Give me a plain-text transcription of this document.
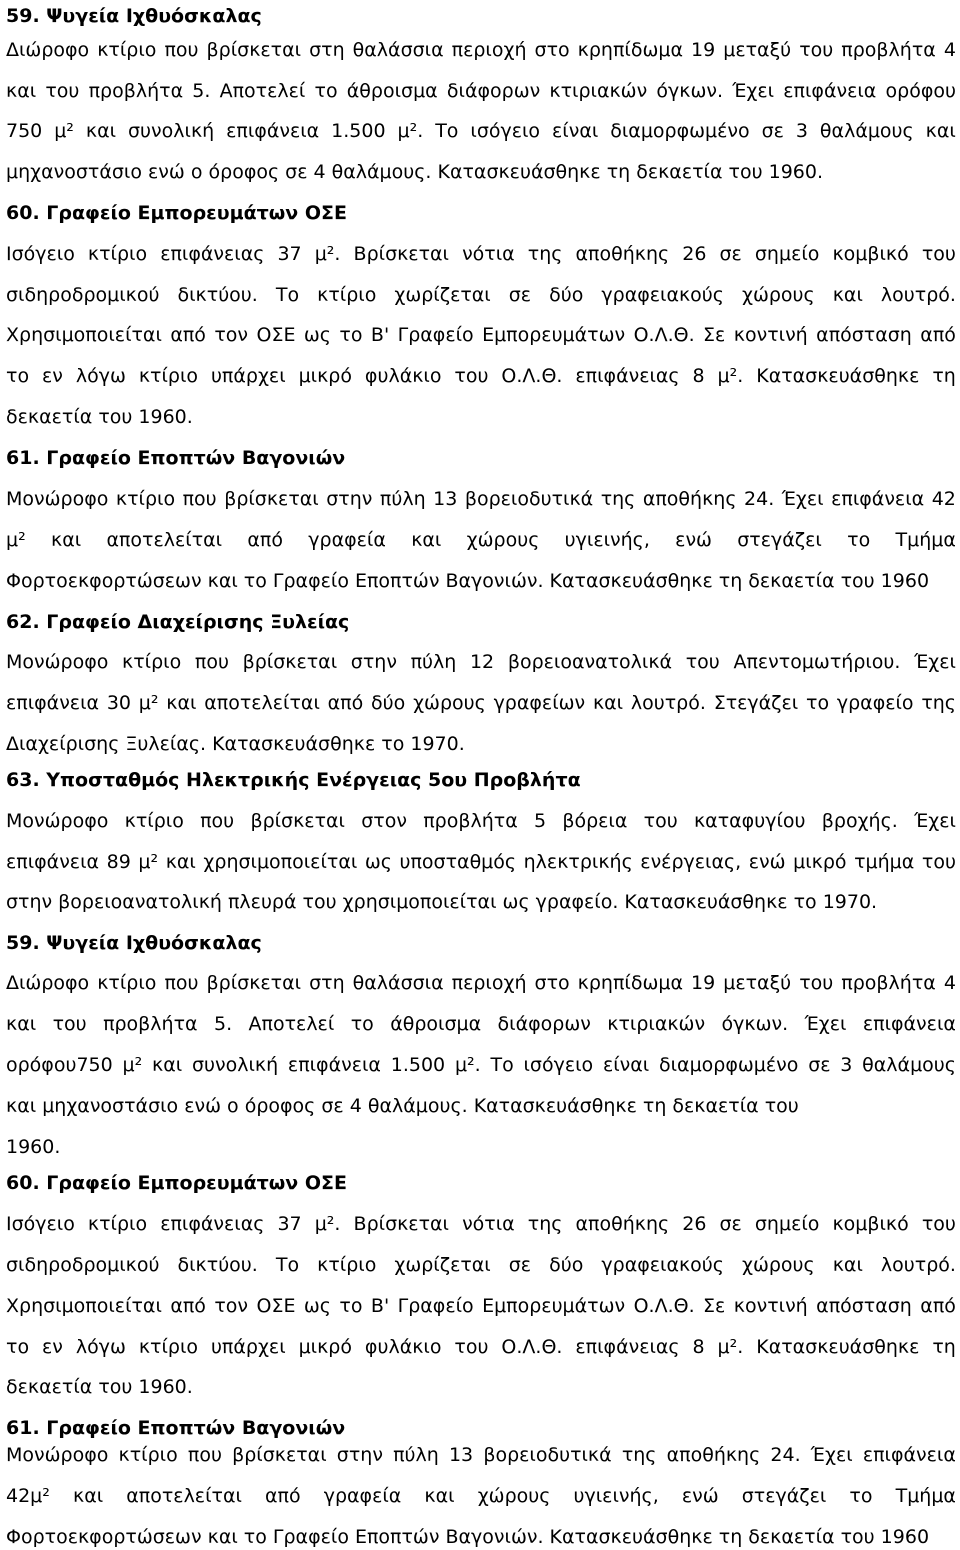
59. Ψυγεία Ιχθυόσκαλας
Διώροφο κτίριο που βρίσκεται στη θαλάσσια περιοχή στο κρηπίδωμα 19 μεταξύ του προβλήτα 4
και του προβλήτα 5. Αποτελεί το άθροισμα διάφορων κτιριακών όγκων. Έχει επιφάνεια ορόφου
750 μ² και συνολική επιφάνεια 1.500 μ². Το ισόγειο είναι διαμορφωμένο σε 3 θαλάμους και
μηχανοστάσιο ενώ ο όροφος σε 4 θαλάμους. Κατασκευάσθηκε τη δεκαετία του 1960.
60. Γραφείο Εμπορευμάτων ΟΣΕ
Ισόγειο κτίριο επιφάνειας 37 μ². Βρίσκεται νότια της αποθήκης 26 σε σημείο κομβικό του
σιδηροδρομικού δικτύου. Το κτίριο χωρίζεται σε δύο γραφειακούς χώρους και λουτρό.
Χρησιμοποιείται από τον ΟΣΕ ως το Β' Γραφείο Εμπορευμάτων Ο.Λ.Θ. Σε κοντινή απόσταση από
το εν λόγω κτίριο υπάρχει μικρό φυλάκιο του Ο.Λ.Θ. επιφάνειας 8 μ². Κατασκευάσθηκε τη
δεκαετία του 1960.
61. Γραφείο Εποπτών Βαγονιών
Μονώροφο κτίριο που βρίσκεται στην πύλη 13 βορειοδυτικά της αποθήκης 24. Έχει επιφάνεια 42
μ² και αποτελείται από γραφεία και χώρους υγιεινής, ενώ στεγάζει το Τμήμα
Φορτοεκφορτώσεων και το Γραφείο Εποπτών Βαγονιών. Κατασκευάσθηκε τη δεκαετία του 1960
62. Γραφείο Διαχείρισης Ξυλείας
Μονώροφο κτίριο που βρίσκεται στην πύλη 12 βορειοανατολικά του Απεντομωτήριου. Έχει
επιφάνεια 30 μ² και αποτελείται από δύο χώρους γραφείων και λουτρό. Στεγάζει το γραφείο της
Διαχείρισης Ξυλείας. Κατασκευάσθηκε το 1970.
63. Υποσταθμός Ηλεκτρικής Ενέργειας 5ου Προβλήτα
Μονώροφο κτίριο που βρίσκεται στον προβλήτα 5 βόρεια του καταφυγίου βροχής. Έχει
επιφάνεια 89 μ² και χρησιμοποιείται ως υποσταθμός ηλεκτρικής ενέργειας, ενώ μικρό τμήμα του
στην βορειοανατολική πλευρά του χρησιμοποιείται ως γραφείο. Κατασκευάσθηκε το 1970.
59. Ψυγεία Ιχθυόσκαλας
Διώροφο κτίριο που βρίσκεται στη θαλάσσια περιοχή στο κρηπίδωμα 19 μεταξύ του προβλήτα 4
και του προβλήτα 5. Αποτελεί το άθροισμα διάφορων κτιριακών όγκων. Έχει επιφάνεια
ορόφου750 μ² και συνολική επιφάνεια 1.500 μ². Το ισόγειο είναι διαμορφωμένο σε 3 θαλάμους
και μηχανοστάσιο ενώ ο όροφος σε 4 θαλάμους. Κατασκευάσθηκε τη δεκαετία του
1960.
60. Γραφείο Εμπορευμάτων ΟΣΕ
Ισόγειο κτίριο επιφάνειας 37 μ². Βρίσκεται νότια της αποθήκης 26 σε σημείο κομβικό του
σιδηροδρομικού δικτύου. Το κτίριο χωρίζεται σε δύο γραφειακούς χώρους και λουτρό.
Χρησιμοποιείται από τον ΟΣΕ ως το Β' Γραφείο Εμπορευμάτων Ο.Λ.Θ. Σε κοντινή απόσταση από
το εν λόγω κτίριο υπάρχει μικρό φυλάκιο του Ο.Λ.Θ. επιφάνειας 8 μ². Κατασκευάσθηκε τη
δεκαετία του 1960.
61. Γραφείο Εποπτών Βαγονιών
Μονώροφο κτίριο που βρίσκεται στην πύλη 13 βορειοδυτικά της αποθήκης 24. Έχει επιφάνεια
42μ² και αποτελείται από γραφεία και χώρους υγιεινής, ενώ στεγάζει το Τμήμα
Φορτοεκφορτώσεων και το Γραφείο Εποπτών Βαγονιών. Κατασκευάσθηκε τη δεκαετία του 1960
